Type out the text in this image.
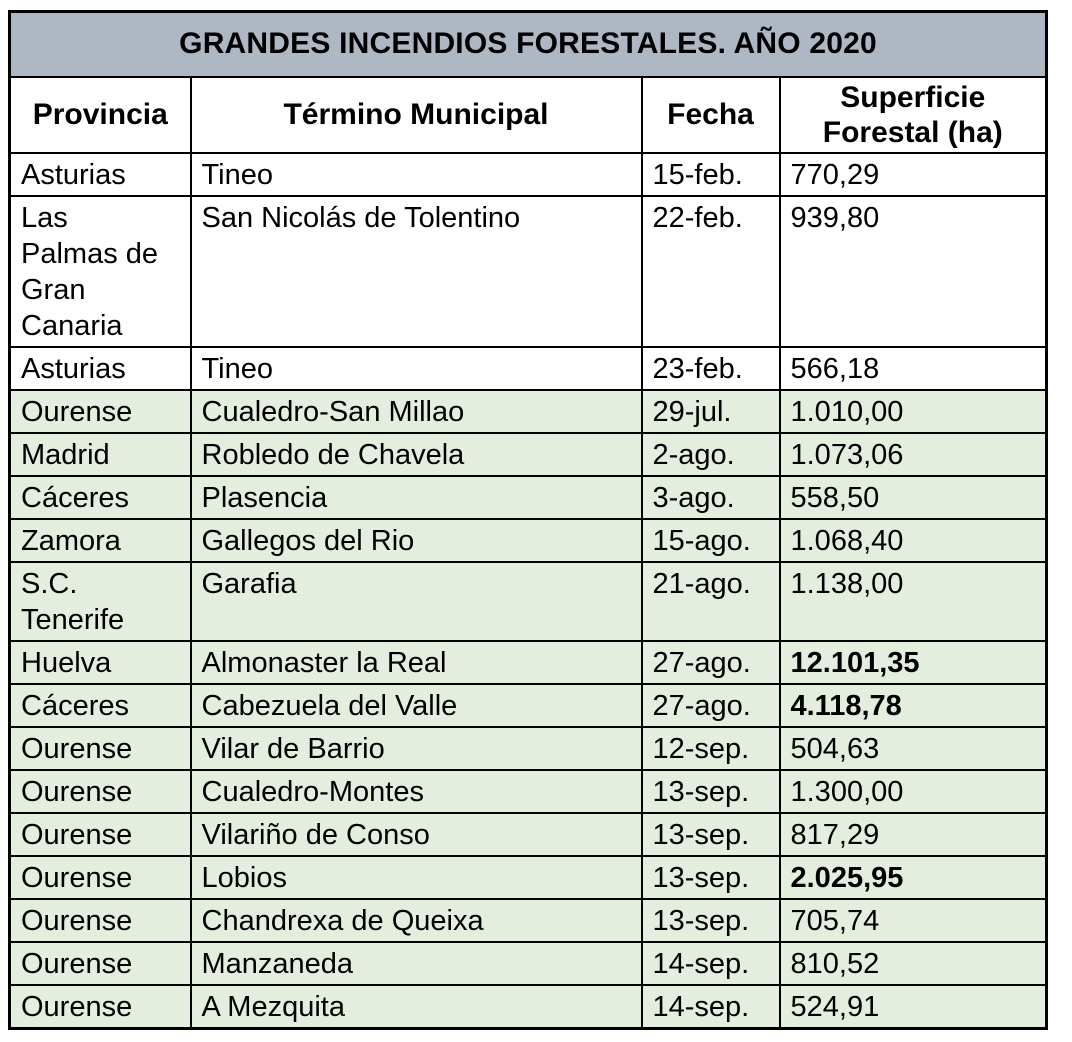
GRANDES INCENDIOS FORESTALES. AÑO 2020			
Provincia	Término Municipal	Fecha	Superficie Forestal (ha)
Asturias	Tineo	15-feb.	770,29
Las Palmas de Gran Canaria	San Nicolás de Tolentino	22-feb.	939,80
Asturias	Tineo	23-feb.	566,18
Ourense	Cualedro-San Millao	29-jul.	1.010,00
Madrid	Robledo de Chavela	2-ago.	1.073,06
Cáceres	Plasencia	3-ago.	558,50
Zamora	Gallegos del Rio	15-ago.	1.068,40
S.C. Tenerife	Garafia	21-ago.	1.138,00
Huelva	Almonaster la Real	27-ago.	12.101,35
Cáceres	Cabezuela del Valle	27-ago.	4.118,78
Ourense	Vilar de Barrio	12-sep.	504,63
Ourense	Cualedro-Montes	13-sep.	1.300,00
Ourense	Vilariño de Conso	13-sep.	817,29
Ourense	Lobios	13-sep.	2.025,95
Ourense	Chandrexa de Queixa	13-sep.	705,74
Ourense	Manzaneda	14-sep.	810,52
Ourense	A Mezquita	14-sep.	524,91
